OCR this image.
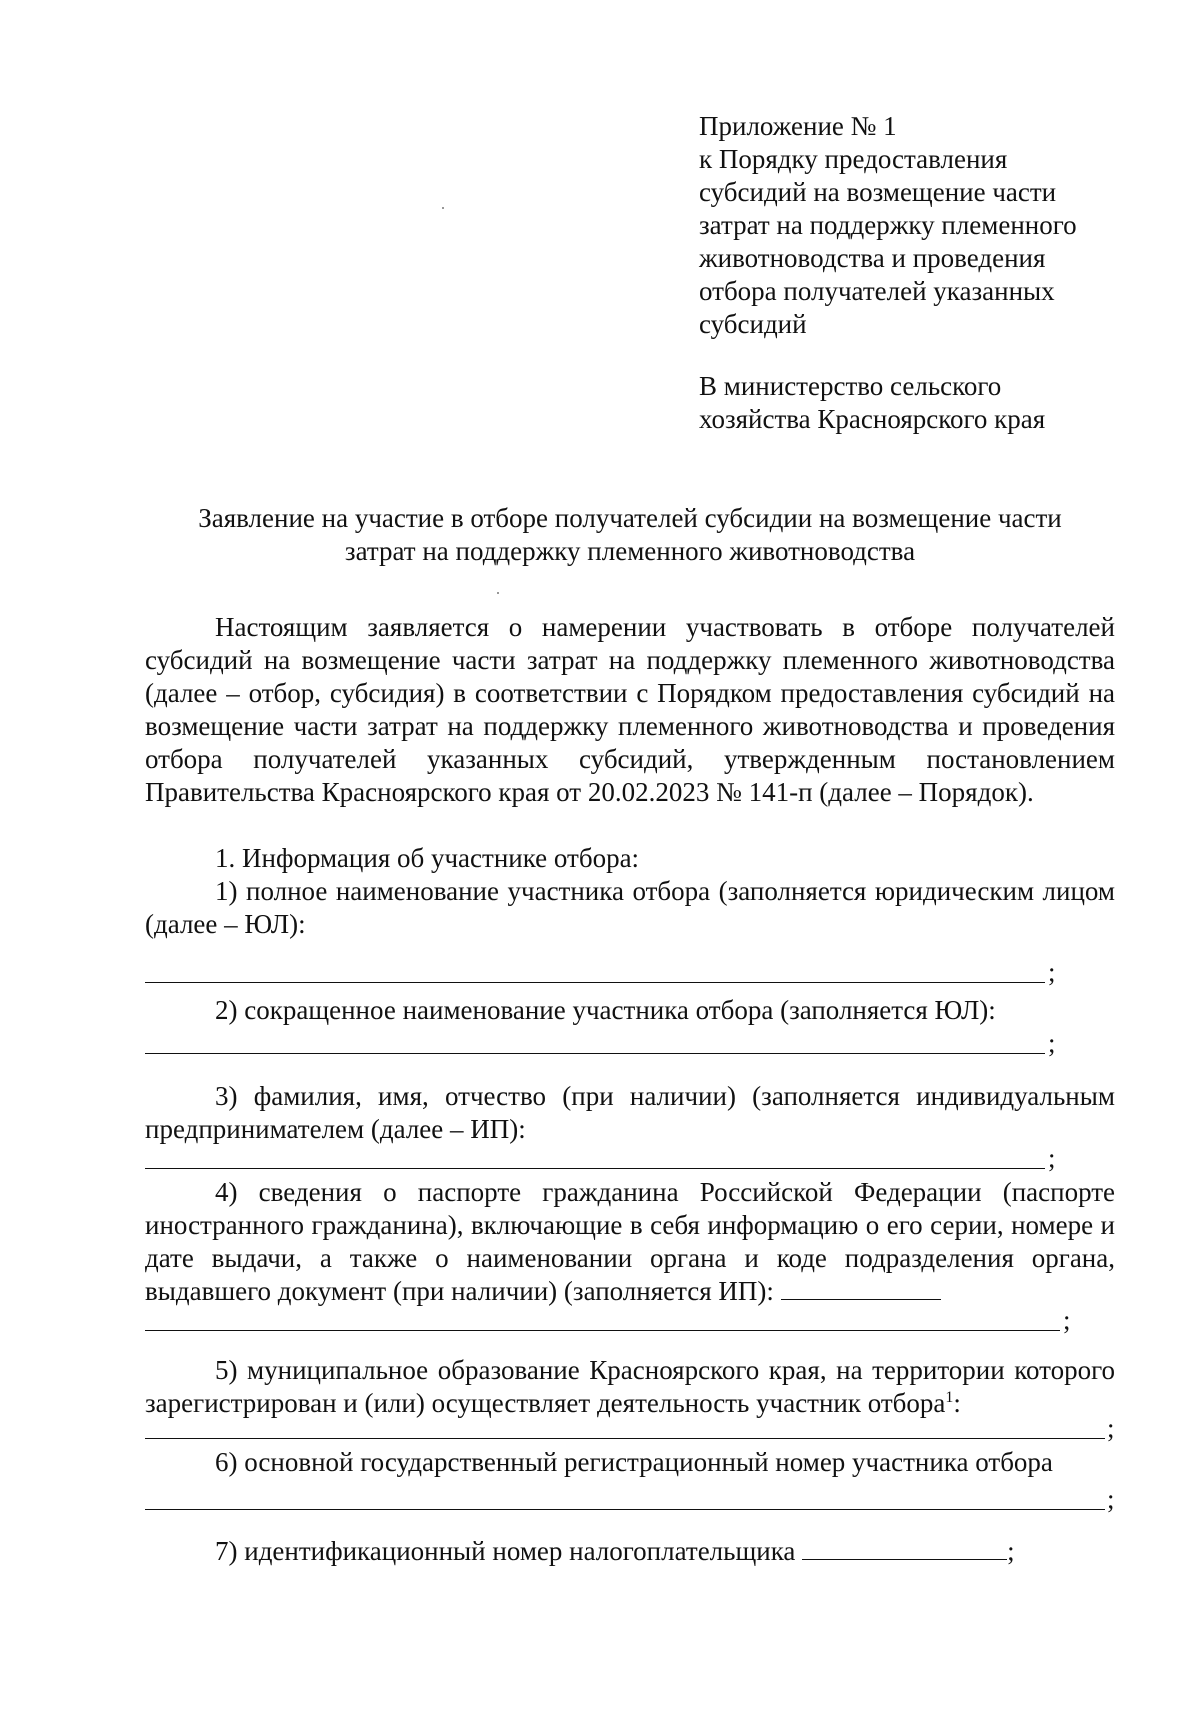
Приложение № 1
к Порядку предоставления
субсидий на возмещение части
затрат на поддержку племенного
животноводства и проведения
отбора получателей указанных
субсидий
В министерство сельского
хозяйства Красноярского края
Заявление на участие в отборе получателей субсидии на возмещение части
затрат на поддержку племенного животноводства
Настоящим заявляется о намерении участвовать в отборе получателей субсидий на возмещение части затрат на поддержку племенного животноводства (далее – отбор, субсидия) в соответствии с Порядком предоставления субсидий на возмещение части затрат на поддержку племенного животноводства и проведения отбора получателей указанных субсидий, утвержденным постановлением Правительства Красноярского края от 20.02.2023 № 141-п (далее – Порядок).
1. Информация об участнике отбора:
1) полное наименование участника отбора (заполняется юридическим лицом (далее – ЮЛ):
;
2) сокращенное наименование участника отбора (заполняется ЮЛ):
;
3) фамилия, имя, отчество (при наличии) (заполняется индивидуальным предпринимателем (далее – ИП):
;
4) сведения о паспорте гражданина Российской Федерации (паспорте иностранного гражданина), включающие в себя информацию о его серии, номере и дате выдачи, а также о наименовании органа и коде подразделения органа, выдавшего документ (при наличии) (заполняется ИП):
;
5) муниципальное образование Красноярского края, на территории которого зарегистрирован и (или) осуществляет деятельность участник отбора$^1$:
;
6) основной государственный регистрационный номер участника отбора
;
7) идентификационный номер налогоплательщика	;
